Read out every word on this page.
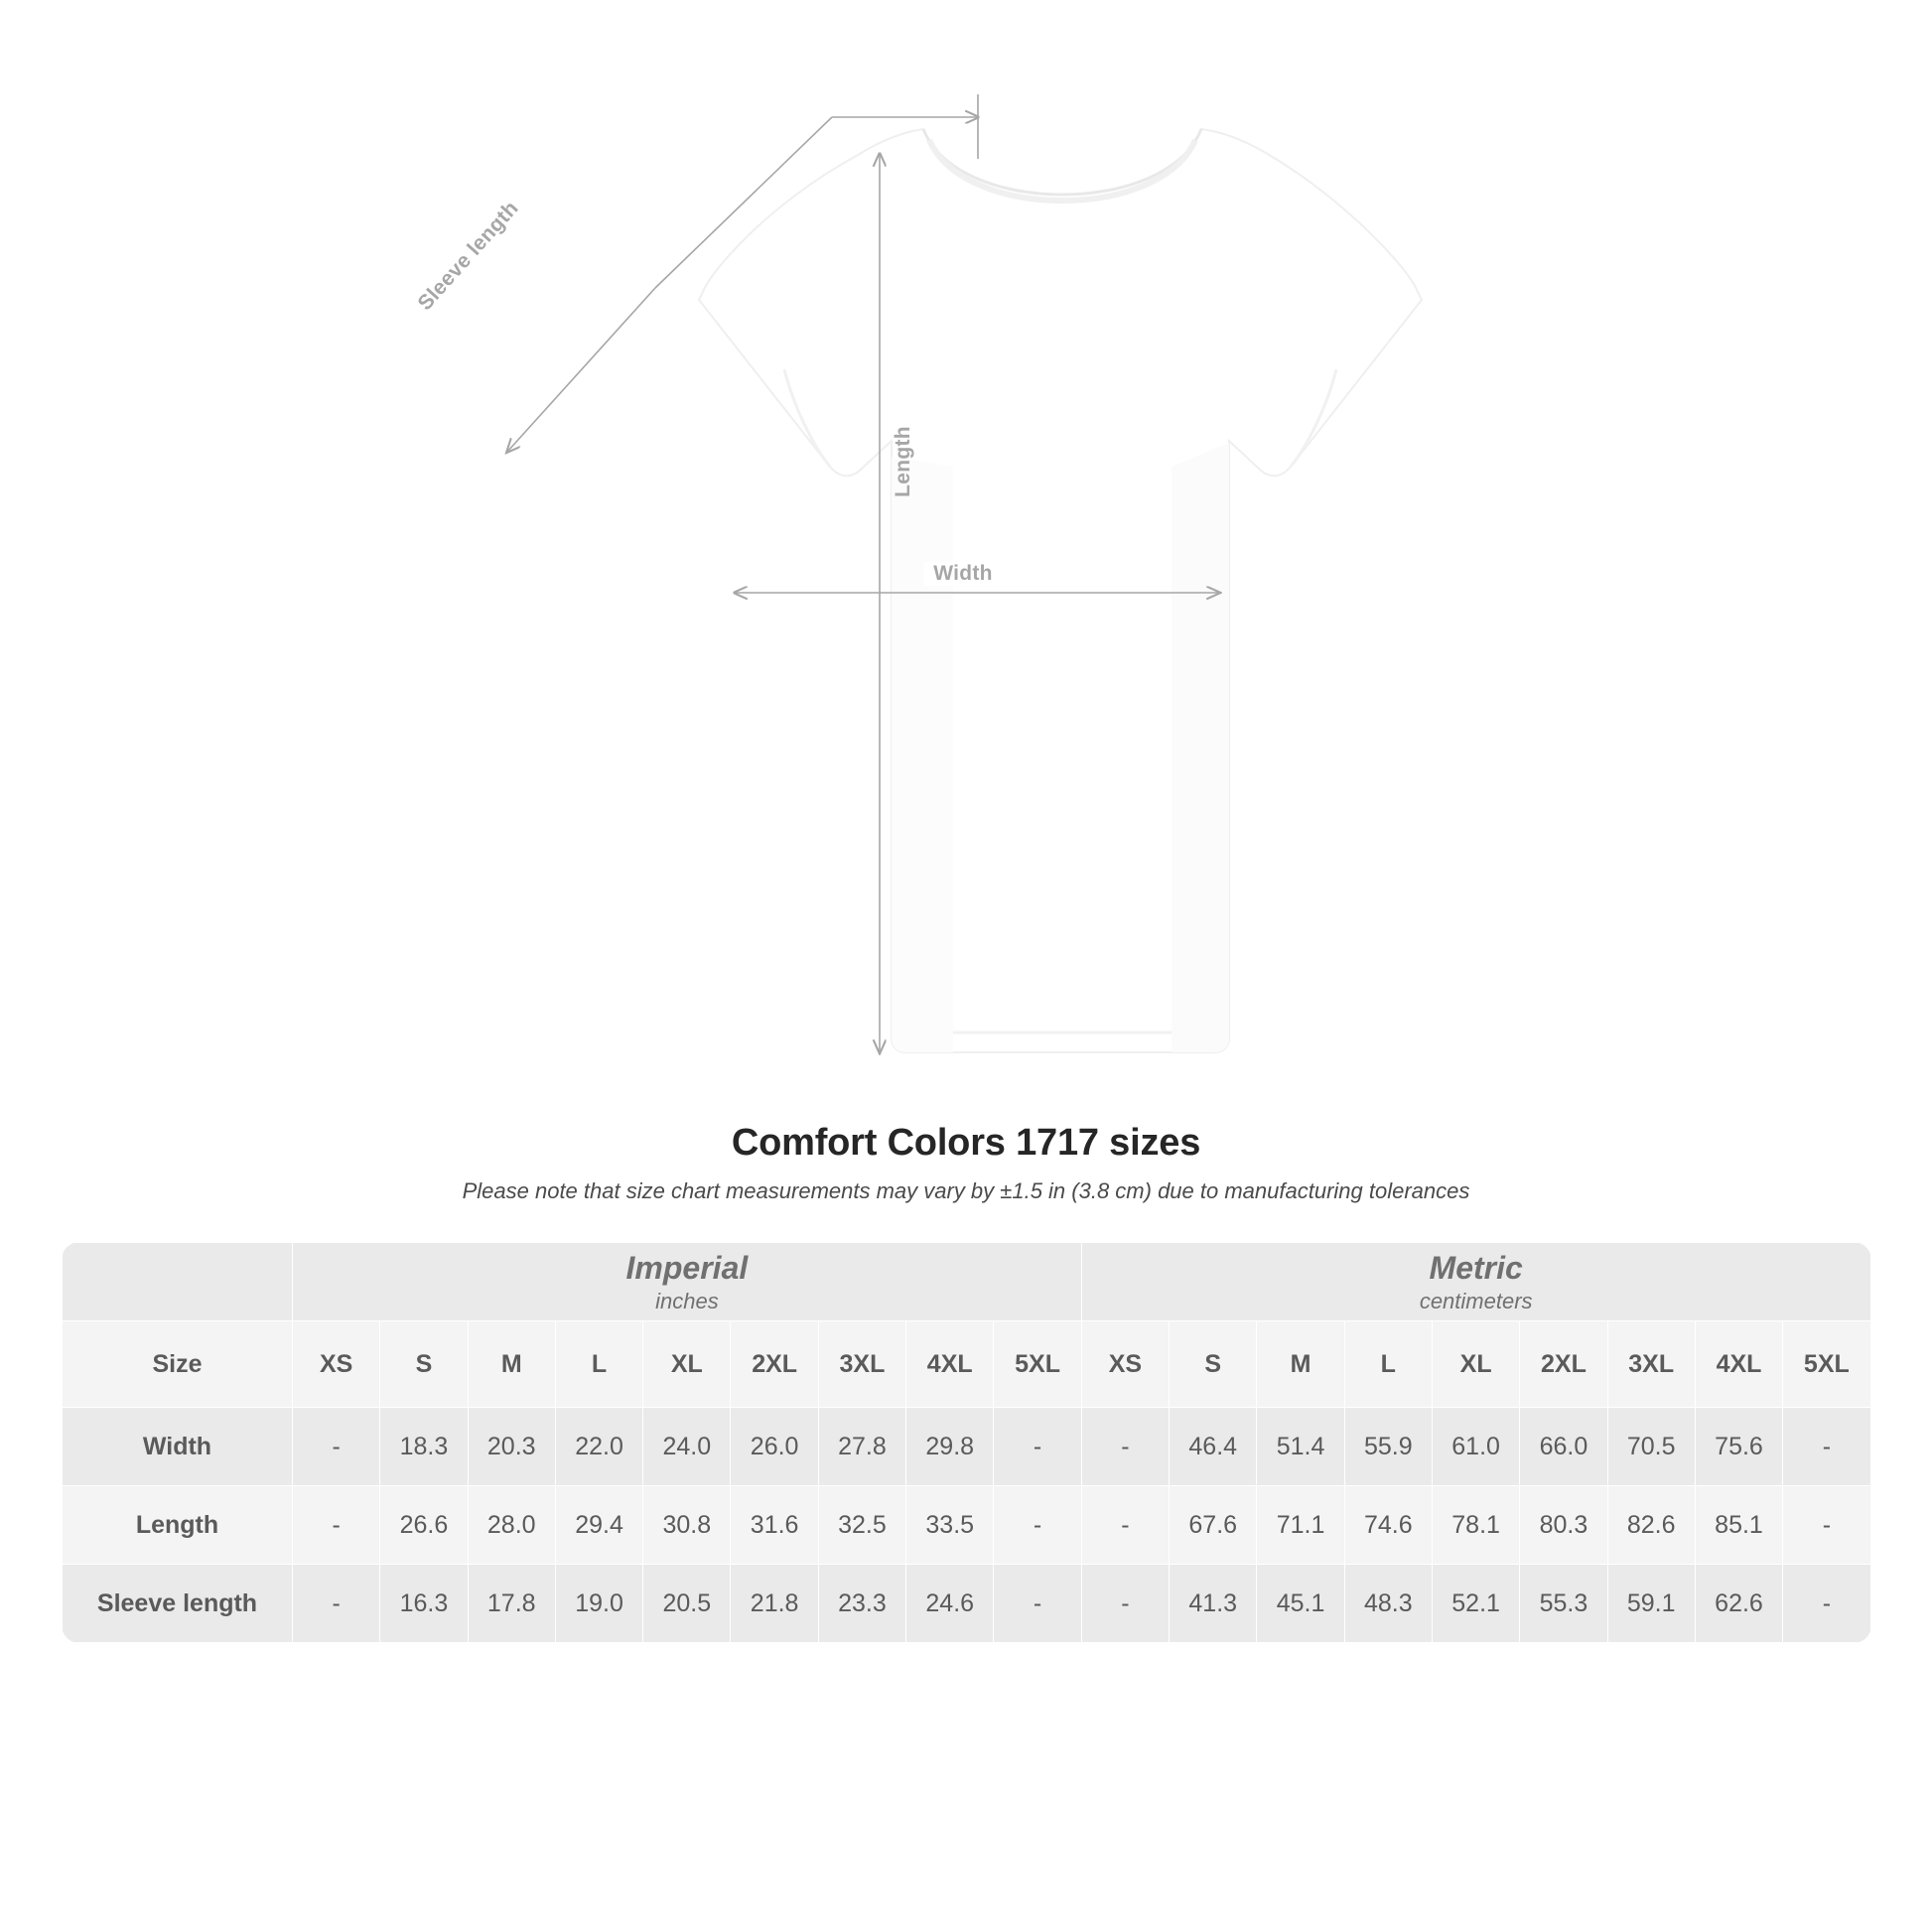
Sleeve length
Length
Width
Comfort Colors 1717 sizes

Please note that size chart measurements may vary by ±1.5 in (3.8 cm) due to manufacturing tolerances

Imperial
inches

Metric
centimeters

Size	XS	S	M	L	XL	2XL	3XL	4XL	5XL	XS	S	M	L	XL	2XL	3XL	4XL	5XL
Width	-	18.3	20.3	22.0	24.0	26.0	27.8	29.8	-	-	46.4	51.4	55.9	61.0	66.0	70.5	75.6	-
Length	-	26.6	28.0	29.4	30.8	31.6	32.5	33.5	-	-	67.6	71.1	74.6	78.1	80.3	82.6	85.1	-
Sleeve length	-	16.3	17.8	19.0	20.5	21.8	23.3	24.6	-	-	41.3	45.1	48.3	52.1	55.3	59.1	62.6	-
